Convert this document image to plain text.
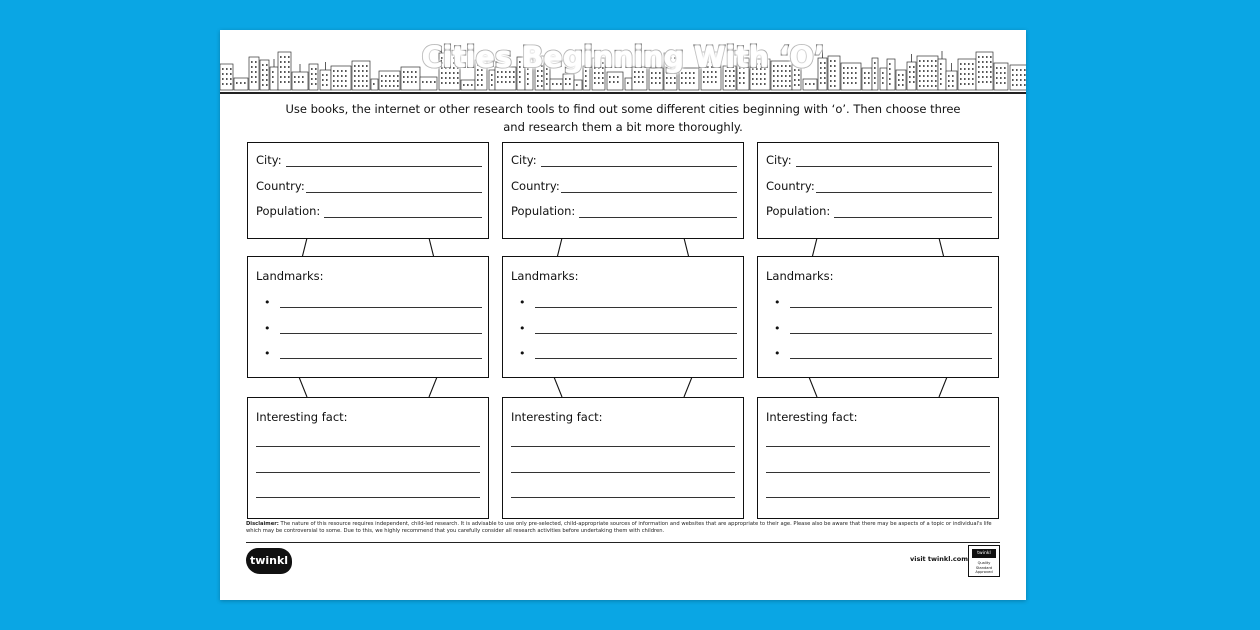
Cities Beginning With ‘O’
Use books, the internet or other research tools to find out some different cities beginning with ‘o’. Then choose three and research them a bit more thoroughly.
City:
Country:
Population:
Landmarks:
•
•
•
Interesting fact:
City:
Country:
Population:
Landmarks:
•
•
•
Interesting fact:
City:
Country:
Population:
Landmarks:
•
•
•
Interesting fact:
Disclaimer: The nature of this resource requires independent, child-led research. It is advisable to use only pre-selected, child-appropriate sources of information and websites that are appropriate to their age. Please also be aware that there may be aspects of a topic or individual's life which may be controversial to some. Due to this, we highly recommend that you carefully consider all research activities before undertaking them with children.
twinkl	visit twinkl.com
twinkl
Quality Standard Approved
